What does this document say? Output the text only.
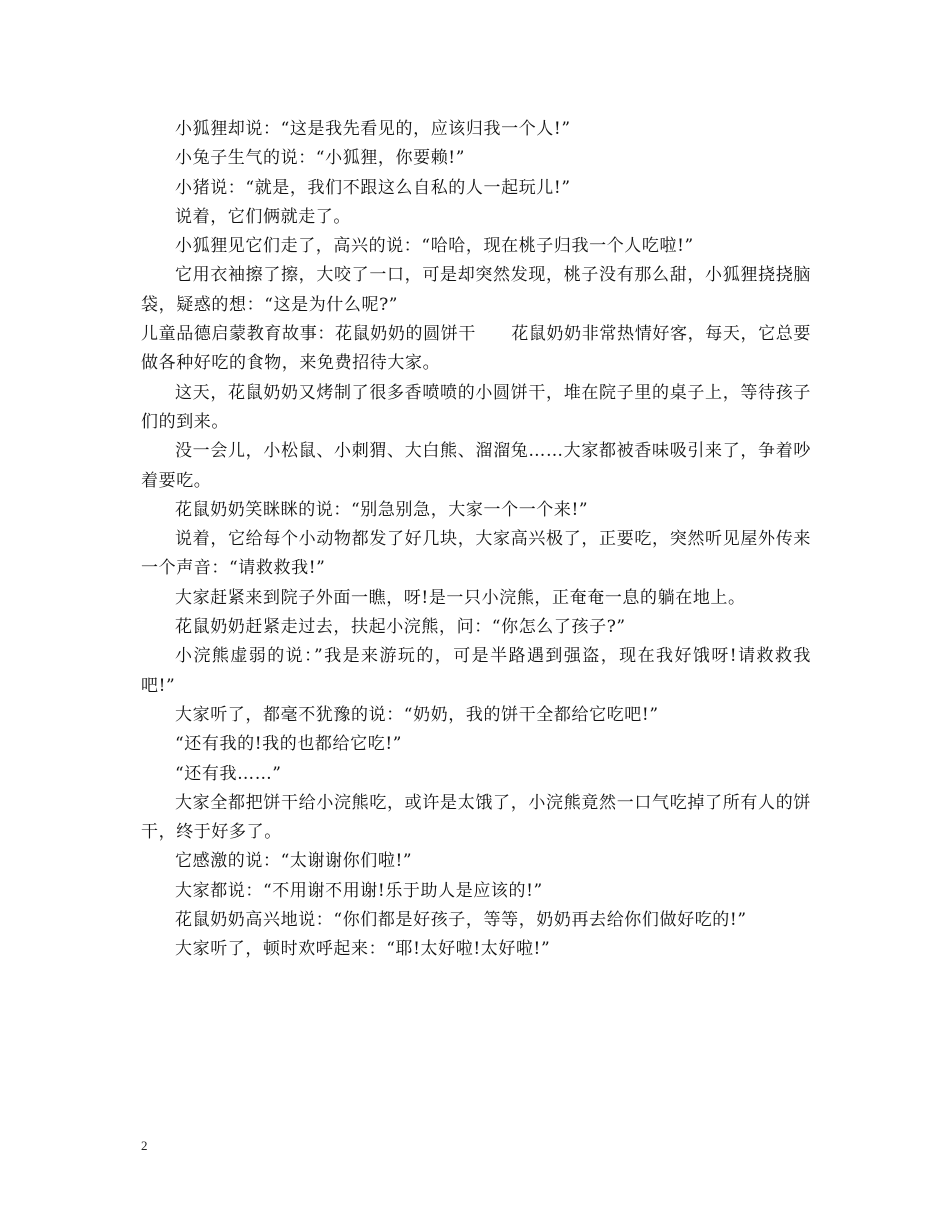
小狐狸却说：“这是我先看见的，应该归我一个人!”

小兔子生气的说：“小狐狸，你要赖!”

小猪说：“就是，我们不跟这么自私的人一起玩儿!”

说着，它们俩就走了。

小狐狸见它们走了，高兴的说：“哈哈，现在桃子归我一个人吃啦!”

它用衣袖擦了擦，大咬了一口，可是却突然发现，桃子没有那么甜，小狐狸挠挠脑袋，疑惑的想：“这是为什么呢?”

儿童品德启蒙教育故事：花鼠奶奶的圆饼干　　花鼠奶奶非常热情好客，每天，它总要做各种好吃的食物，来免费招待大家。

这天，花鼠奶奶又烤制了很多香喷喷的小圆饼干，堆在院子里的桌子上，等待孩子们的到来。

没一会儿，小松鼠、小刺猬、大白熊、溜溜兔……大家都被香味吸引来了，争着吵着要吃。

花鼠奶奶笑眯眯的说：“别急别急，大家一个一个来!”

说着，它给每个小动物都发了好几块，大家高兴极了，正要吃，突然听见屋外传来一个声音：“请救救我!”

大家赶紧来到院子外面一瞧，呀!是一只小浣熊，正奄奄一息的躺在地上。

花鼠奶奶赶紧走过去，扶起小浣熊，问：“你怎么了孩子?”

小浣熊虚弱的说：”我是来游玩的，可是半路遇到强盗，现在我好饿呀!请救救我吧!”

大家听了，都毫不犹豫的说：“奶奶，我的饼干全都给它吃吧!”

“还有我的!我的也都给它吃!”

“还有我……”

大家全都把饼干给小浣熊吃，或许是太饿了，小浣熊竟然一口气吃掉了所有人的饼干，终于好多了。

它感激的说：“太谢谢你们啦!”

大家都说：“不用谢不用谢!乐于助人是应该的!”

花鼠奶奶高兴地说：“你们都是好孩子，等等，奶奶再去给你们做好吃的!”

大家听了，顿时欢呼起来：“耶!太好啦!太好啦!”

2
